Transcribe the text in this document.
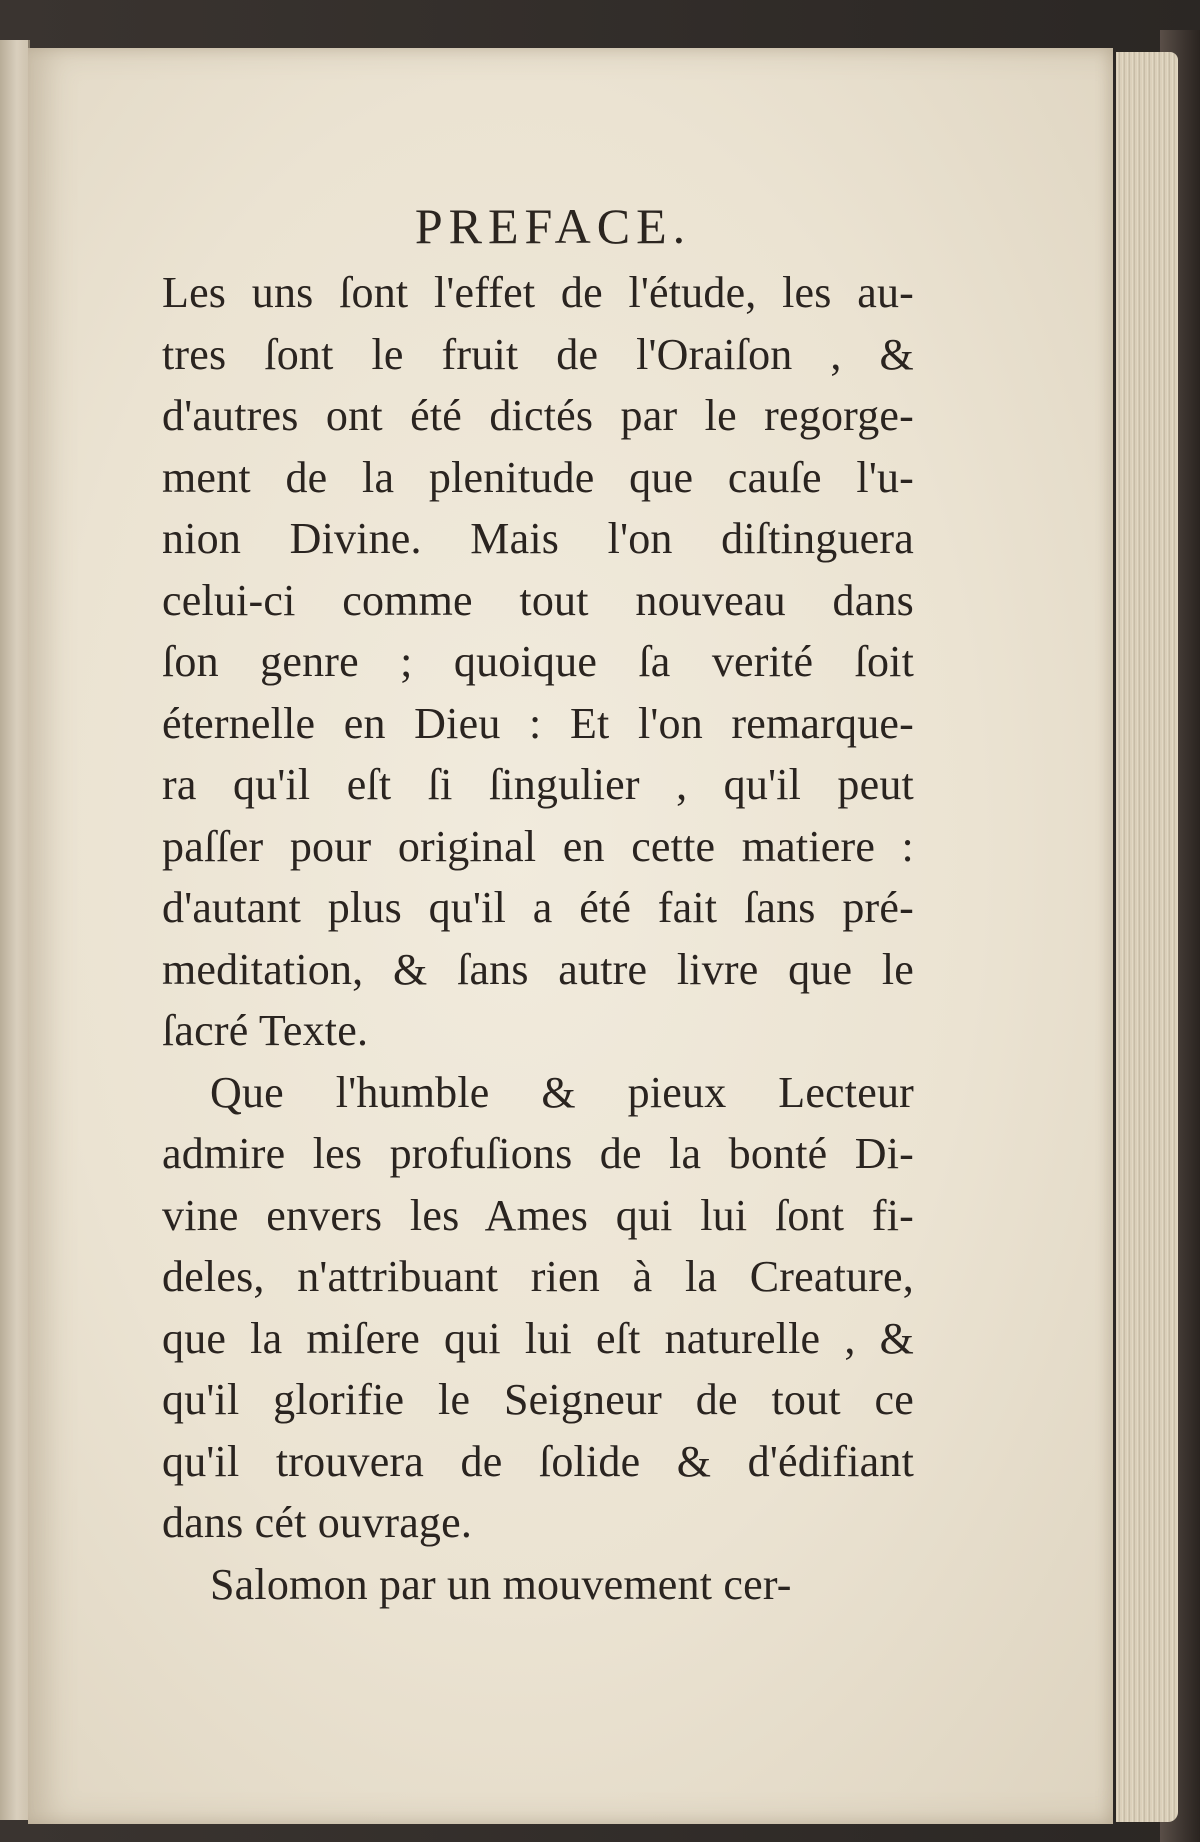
PREFACE.
Les uns ſont l'effet de l'étude, les au-
tres ſont le fruit de l'Oraiſon , &
d'autres ont été dictés par le regorge-
ment de la plenitude que cauſe l'u-
nion Divine. Mais l'on diſtinguera
celui-ci comme tout nouveau dans
ſon genre ; quoique ſa verité ſoit
éternelle en Dieu : Et l'on remarque-
ra qu'il eſt ſi ſingulier , qu'il peut
paſſer pour original en cette matiere :
d'autant plus qu'il a été fait ſans pré-
meditation, & ſans autre livre que le
ſacré Texte.
Que l'humble & pieux Lecteur
admire les profuſions de la bonté Di-
vine envers les Ames qui lui ſont fi-
deles, n'attribuant rien à la Creature,
que la miſere qui lui eſt naturelle , &
qu'il glorifie le Seigneur de tout ce
qu'il trouvera de ſolide & d'édifiant
dans cét ouvrage.
Salomon par un mouvement cer-
